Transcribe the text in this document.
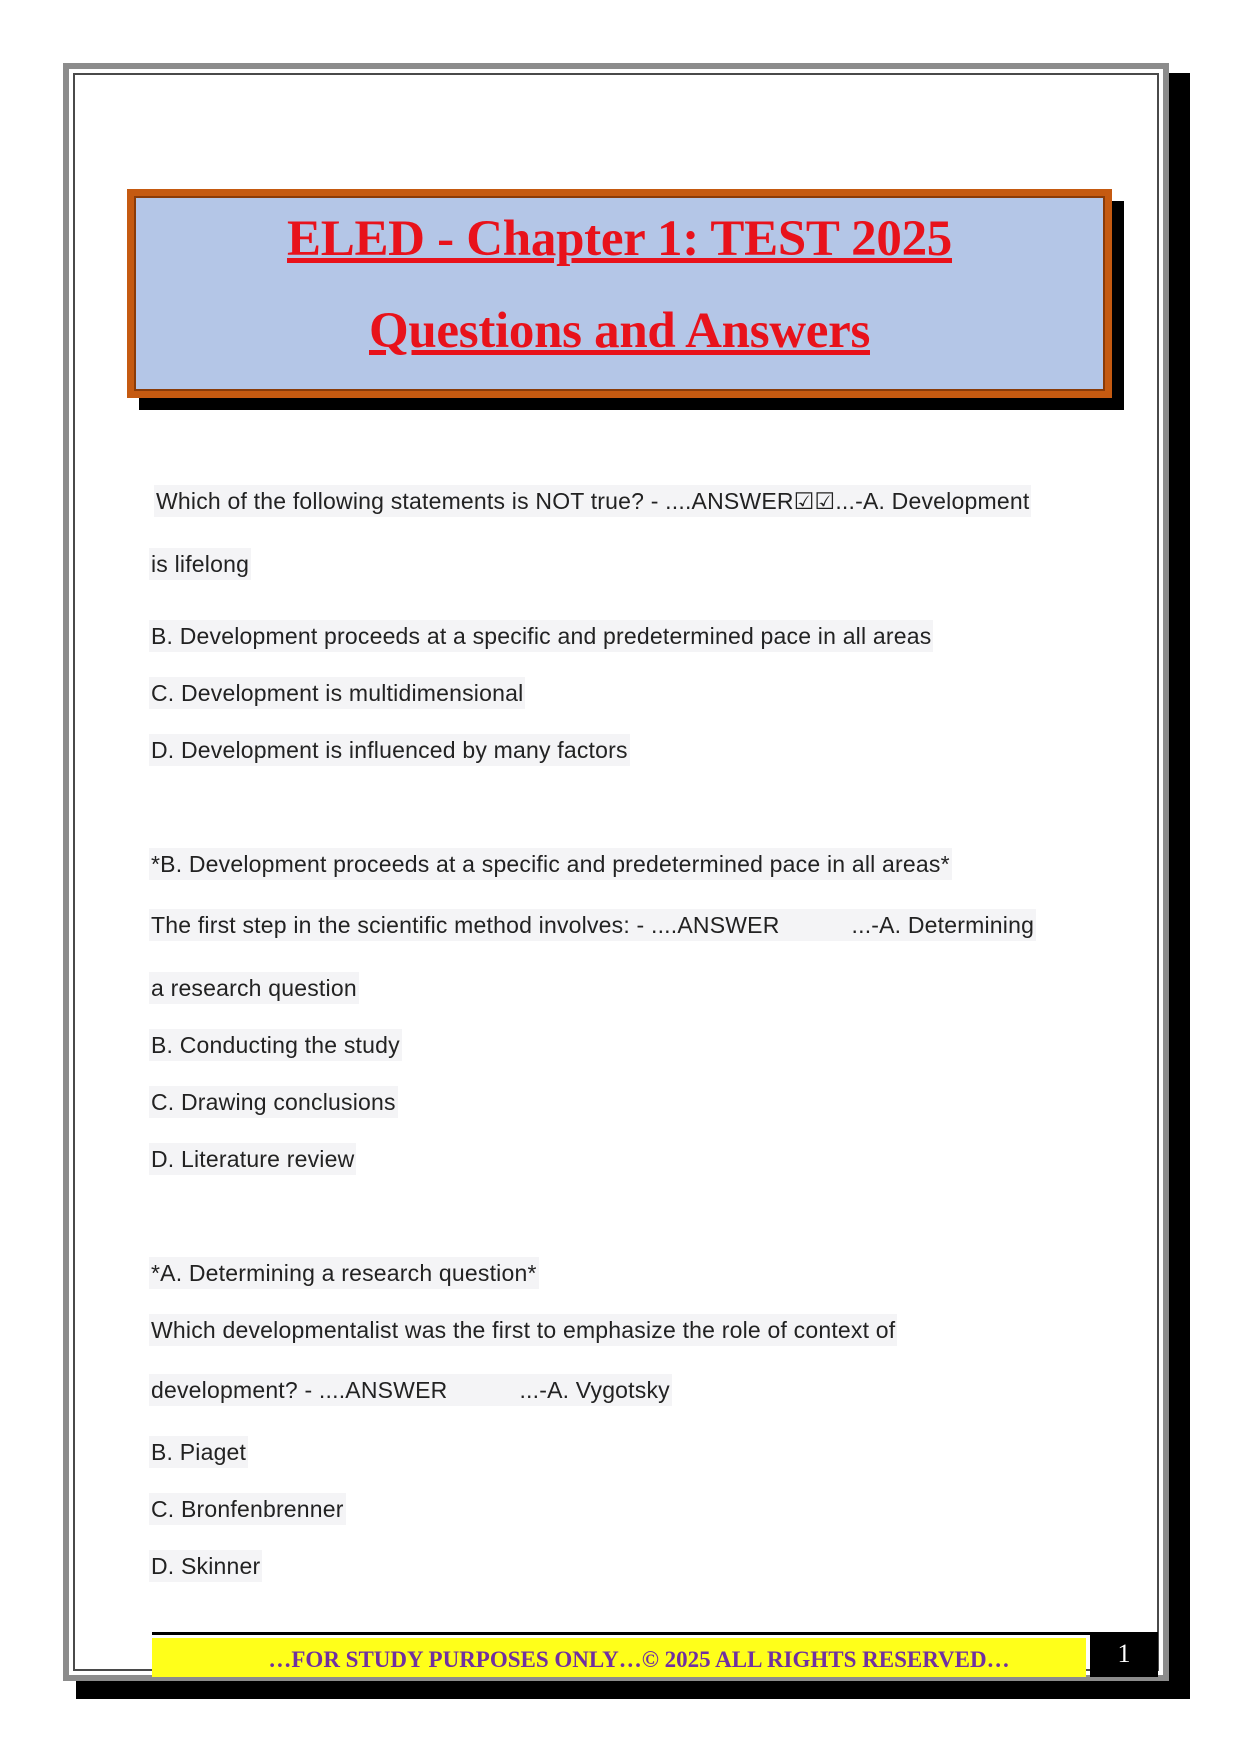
ELED - Chapter 1: TEST 2025
Questions and Answers
Which of the following statements is NOT true? - ....ANSWER☑☑...-A. Development
is lifelong
B. Development proceeds at a specific and predetermined pace in all areas
C. Development is multidimensional
D. Development is influenced by many factors
*B. Development proceeds at a specific and predetermined pace in all areas*
The first step in the scientific method involves: - ....ANSWER	...-A. Determining
a research question
B. Conducting the study
C. Drawing conclusions
D. Literature review
*A. Determining a research question*
Which developmentalist was the first to emphasize the role of context of
development? - ....ANSWER	...-A. Vygotsky
B. Piaget
C. Bronfenbrenner
D. Skinner
…FOR STUDY PURPOSES ONLY…© 2025 ALL RIGHTS RESERVED…	1
